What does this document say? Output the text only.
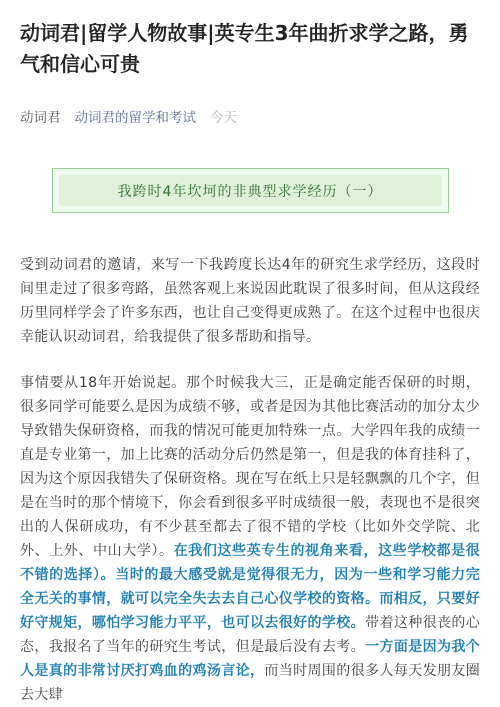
动词君|留学人物故事|英专生3年曲折求学之路，勇气和信心可贵
动词君 动词君的留学和考试 今天
我跨时4年坎坷的非典型求学经历（一）

受到动词君的邀请，来写一下我跨度长达4年的研究生求学经历，这段时间里走过了很多弯路，虽然客观上来说因此耽误了很多时间，但从这段经历里同样学会了许多东西，也让自己变得更成熟了。在这个过程中也很庆幸能认识动词君，给我提供了很多帮助和指导。

事情要从18年开始说起。那个时候我大三，正是确定能否保研的时期，很多同学可能要么是因为成绩不够，或者是因为其他比赛活动的加分太少导致错失保研资格，而我的情况可能更加特殊一点。大学四年我的成绩一直是专业第一，加上比赛的活动分后仍然是第一，但是我的体育挂科了，因为这个原因我错失了保研资格。现在写在纸上只是轻飘飘的几个字，但是在当时的那个情境下，你会看到很多平时成绩很一般，表现也不是很突出的人保研成功，有不少甚至都去了很不错的学校（比如外交学院、北外、上外、中山大学）。在我们这些英专生的视角来看，这些学校都是很不错的选择）。当时的最大感受就是觉得很无力，因为一些和学习能力完全无关的事情，就可以完全失去去自己心仪学校的资格。而相反，只要好好守规矩，哪怕学习能力平平，也可以去很好的学校。带着这种很丧的心态，我报名了当年的研究生考试，但是最后没有去考。一方面是因为我个人是真的非常讨厌打鸡血的鸡汤言论，而当时周围的很多人每天发朋友圈去大肆
